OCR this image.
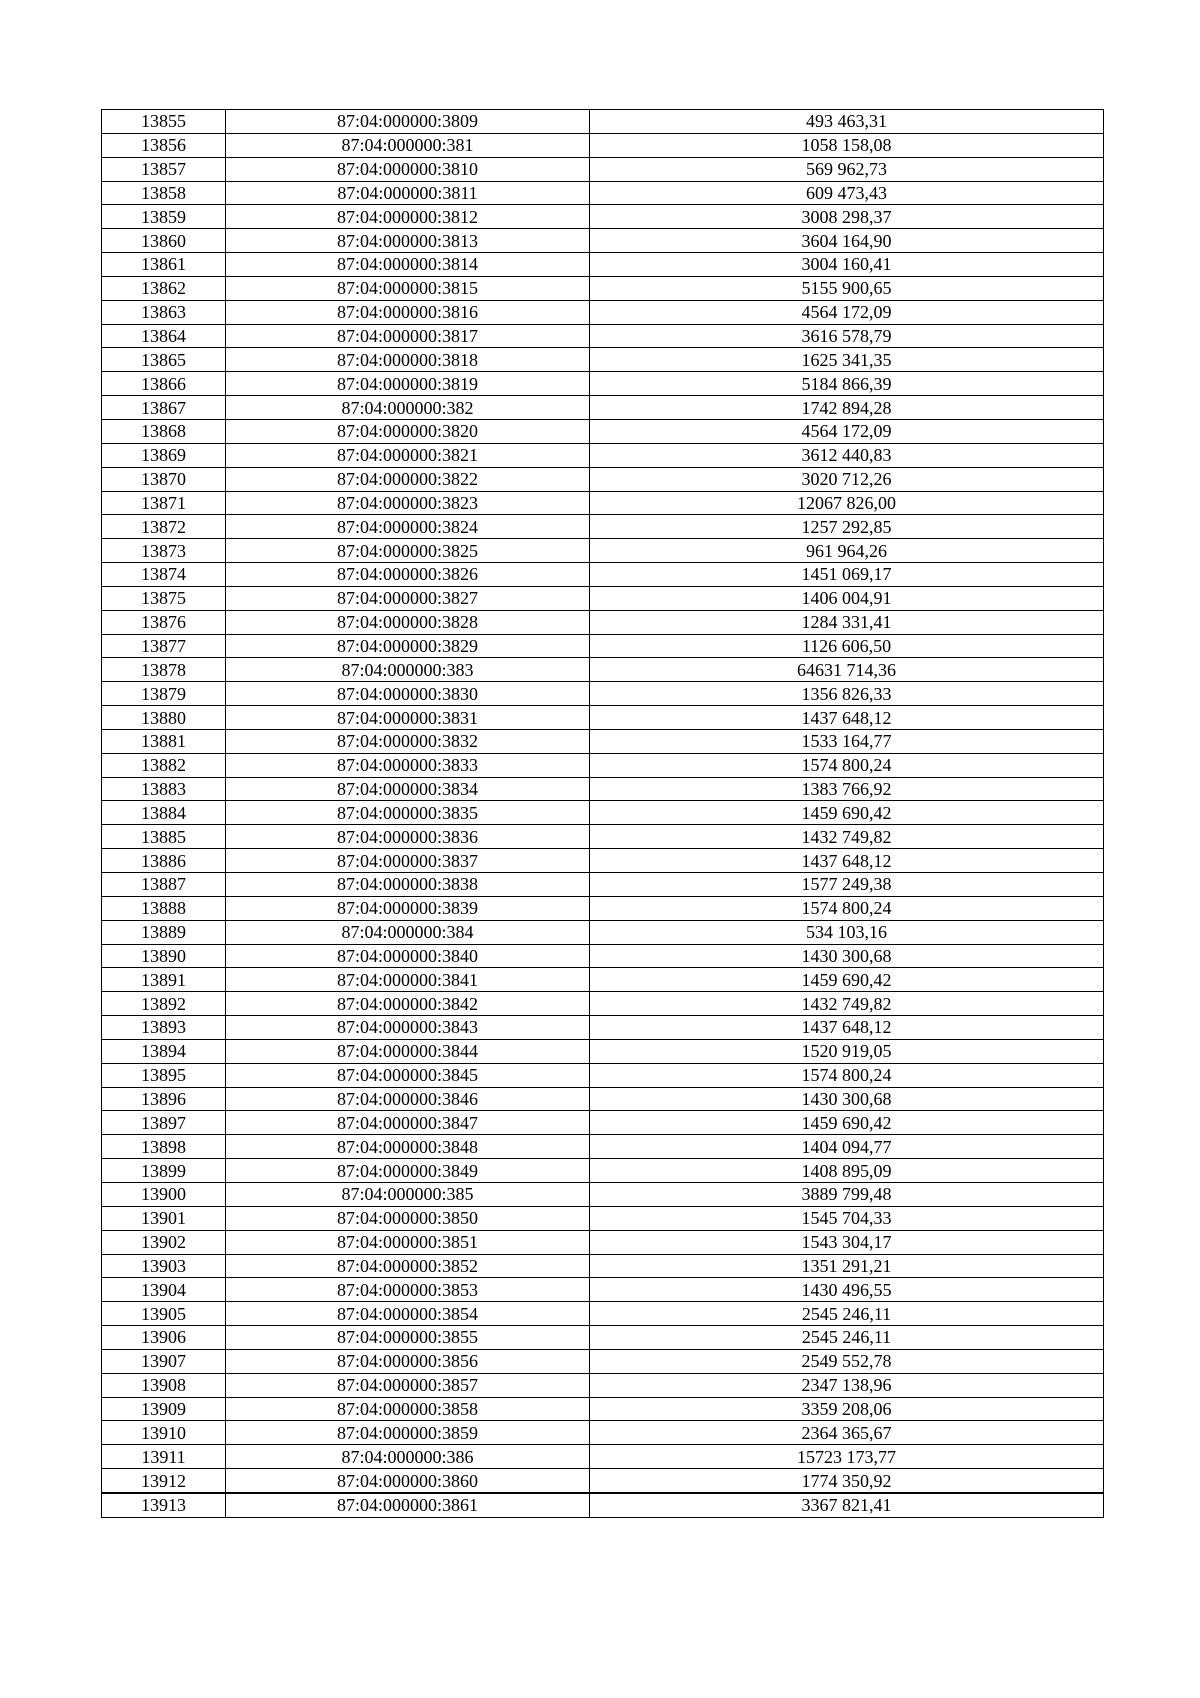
13855	87:04:000000:3809	493 463,31
13856	87:04:000000:381	1058 158,08
13857	87:04:000000:3810	569 962,73
13858	87:04:000000:3811	609 473,43
13859	87:04:000000:3812	3008 298,37
13860	87:04:000000:3813	3604 164,90
13861	87:04:000000:3814	3004 160,41
13862	87:04:000000:3815	5155 900,65
13863	87:04:000000:3816	4564 172,09
13864	87:04:000000:3817	3616 578,79
13865	87:04:000000:3818	1625 341,35
13866	87:04:000000:3819	5184 866,39
13867	87:04:000000:382	1742 894,28
13868	87:04:000000:3820	4564 172,09
13869	87:04:000000:3821	3612 440,83
13870	87:04:000000:3822	3020 712,26
13871	87:04:000000:3823	12067 826,00
13872	87:04:000000:3824	1257 292,85
13873	87:04:000000:3825	961 964,26
13874	87:04:000000:3826	1451 069,17
13875	87:04:000000:3827	1406 004,91
13876	87:04:000000:3828	1284 331,41
13877	87:04:000000:3829	1126 606,50
13878	87:04:000000:383	64631 714,36
13879	87:04:000000:3830	1356 826,33
13880	87:04:000000:3831	1437 648,12
13881	87:04:000000:3832	1533 164,77
13882	87:04:000000:3833	1574 800,24
13883	87:04:000000:3834	1383 766,92
13884	87:04:000000:3835	1459 690,42
13885	87:04:000000:3836	1432 749,82
13886	87:04:000000:3837	1437 648,12
13887	87:04:000000:3838	1577 249,38
13888	87:04:000000:3839	1574 800,24
13889	87:04:000000:384	534 103,16
13890	87:04:000000:3840	1430 300,68
13891	87:04:000000:3841	1459 690,42
13892	87:04:000000:3842	1432 749,82
13893	87:04:000000:3843	1437 648,12
13894	87:04:000000:3844	1520 919,05
13895	87:04:000000:3845	1574 800,24
13896	87:04:000000:3846	1430 300,68
13897	87:04:000000:3847	1459 690,42
13898	87:04:000000:3848	1404 094,77
13899	87:04:000000:3849	1408 895,09
13900	87:04:000000:385	3889 799,48
13901	87:04:000000:3850	1545 704,33
13902	87:04:000000:3851	1543 304,17
13903	87:04:000000:3852	1351 291,21
13904	87:04:000000:3853	1430 496,55
13905	87:04:000000:3854	2545 246,11
13906	87:04:000000:3855	2545 246,11
13907	87:04:000000:3856	2549 552,78
13908	87:04:000000:3857	2347 138,96
13909	87:04:000000:3858	3359 208,06
13910	87:04:000000:3859	2364 365,67
13911	87:04:000000:386	15723 173,77
13912	87:04:000000:3860	1774 350,92
13913	87:04:000000:3861	3367 821,41
